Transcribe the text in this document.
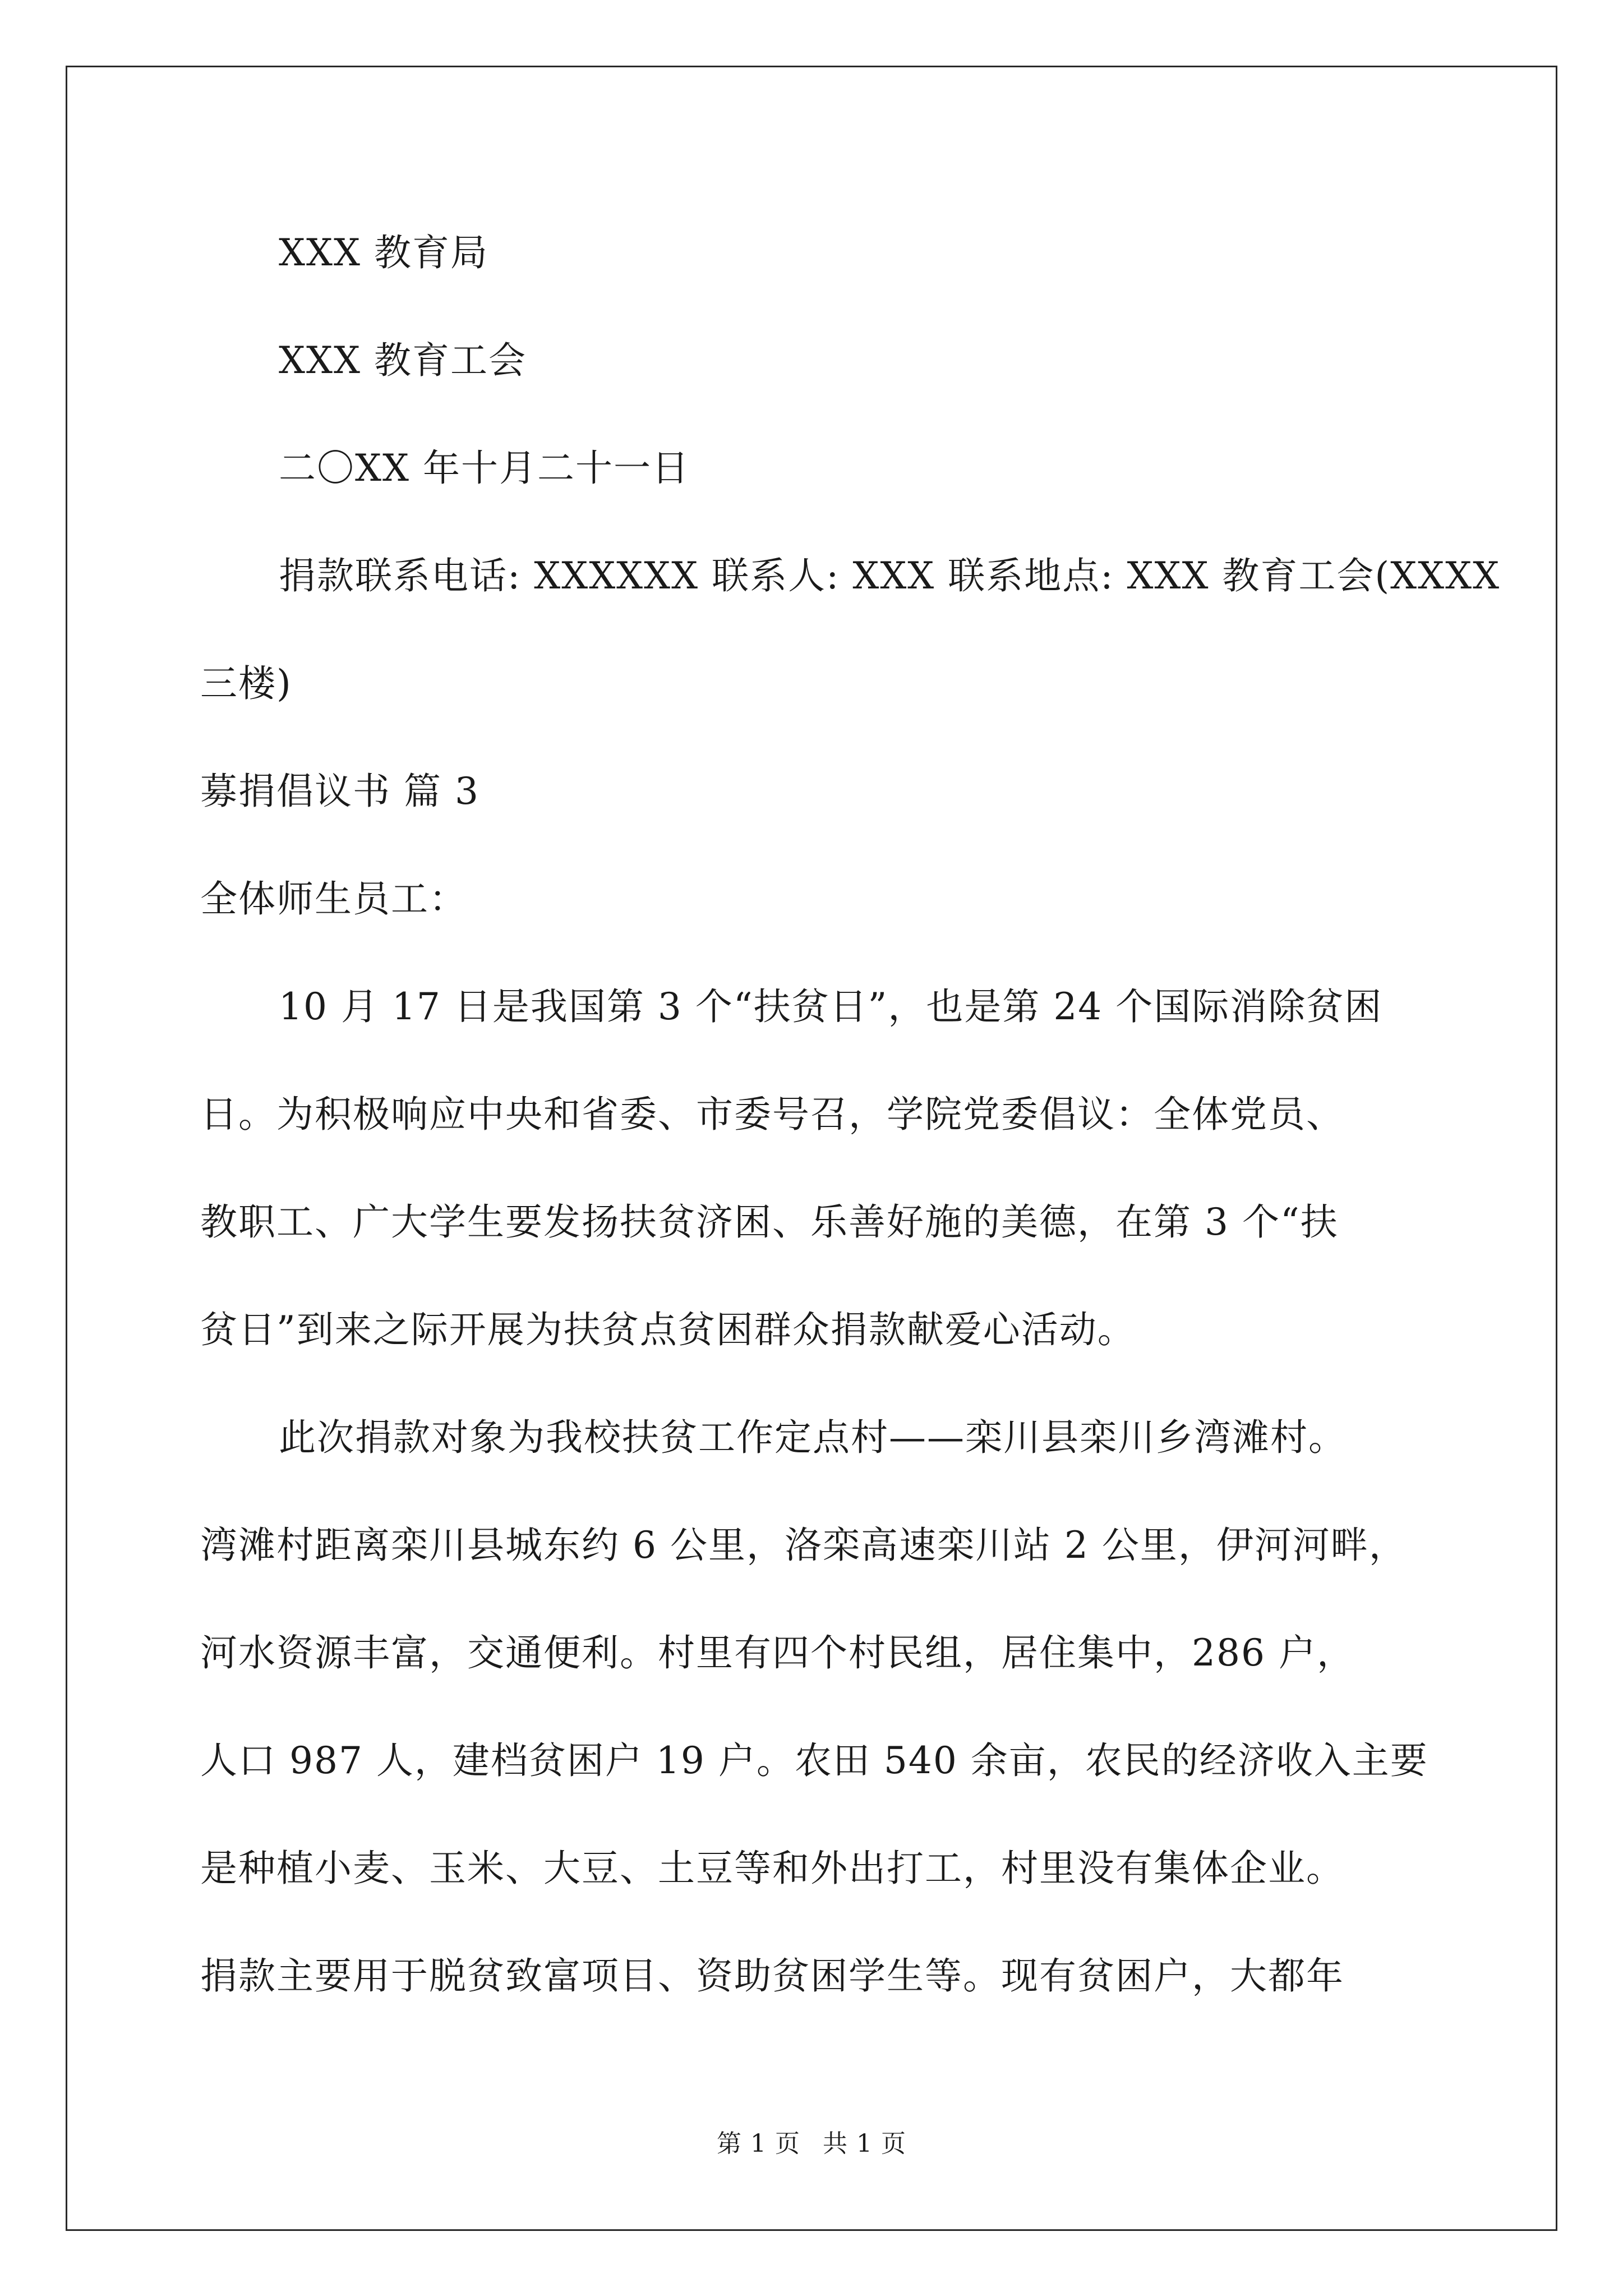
XXX 教育局
XXX 教育工会
二〇XX 年十月二十一日
捐款联系电话: XXXXXX 联系人: XXX 联系地点: XXX 教育工会(XXXX
三楼)
募捐倡议书 篇 3
全体师生员工：
10 月 17 日是我国第 3 个“扶贫日”，也是第 24 个国际消除贫困
日。为积极响应中央和省委、市委号召，学院党委倡议：全体党员、
教职工、广大学生要发扬扶贫济困、乐善好施的美德，在第 3 个“扶
贫日”到来之际开展为扶贫点贫困群众捐款献爱心活动。
此次捐款对象为我校扶贫工作定点村——栾川县栾川乡湾滩村。
湾滩村距离栾川县城东约 6 公里，洛栾高速栾川站 2 公里，伊河河畔，
河水资源丰富，交通便利。村里有四个村民组，居住集中，286 户，
人口 987 人，建档贫困户 19 户。农田 540 余亩，农民的经济收入主要
是种植小麦、玉米、大豆、土豆等和外出打工，村里没有集体企业。
捐款主要用于脱贫致富项目、资助贫困学生等。现有贫困户，大都年
第 1 页 共 1 页
